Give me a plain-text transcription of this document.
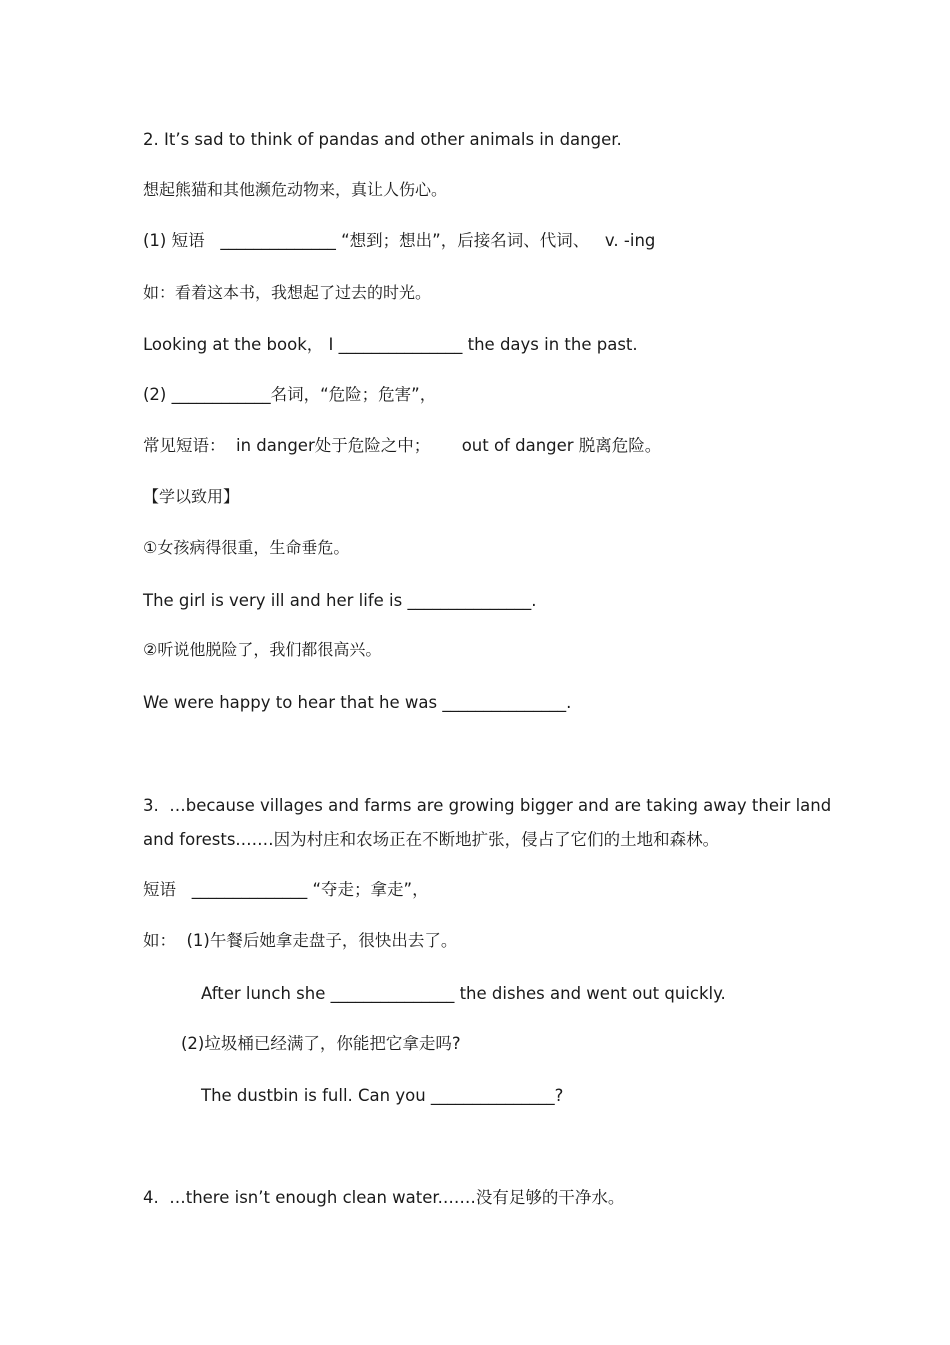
2. It’s sad to think of pandas and other animals in danger.
想起熊猫和其他濒危动物来，真让人伤心。
(1) 短语   ______________ “想到；想出”，后接名词、代词、   v. -ing
如：看着这本书，我想起了过去的时光。
Looking at the book， I _______________ the days in the past.
(2) ____________名词，“危险；危害”，
常见短语：  in danger处于危险之中；      out of danger 脱离危险。
【学以致用】
①女孩病得很重，生命垂危。
The girl is very ill and her life is _______________.
②听说他脱险了，我们都很高兴。
We were happy to hear that he was _______________.
3.  …because villages and farms are growing bigger and are taking away their land
and forests.……因为村庄和农场正在不断地扩张，侵占了它们的土地和森林。
短语   ______________ “夺走；拿走”，
如：  (1)午餐后她拿走盘子，很快出去了。
After lunch she _______________ the dishes and went out quickly.
(2)垃圾桶已经满了，你能把它拿走吗?
The dustbin is full. Can you _______________?
4.  …there isn’t enough clean water.……没有足够的干净水。
